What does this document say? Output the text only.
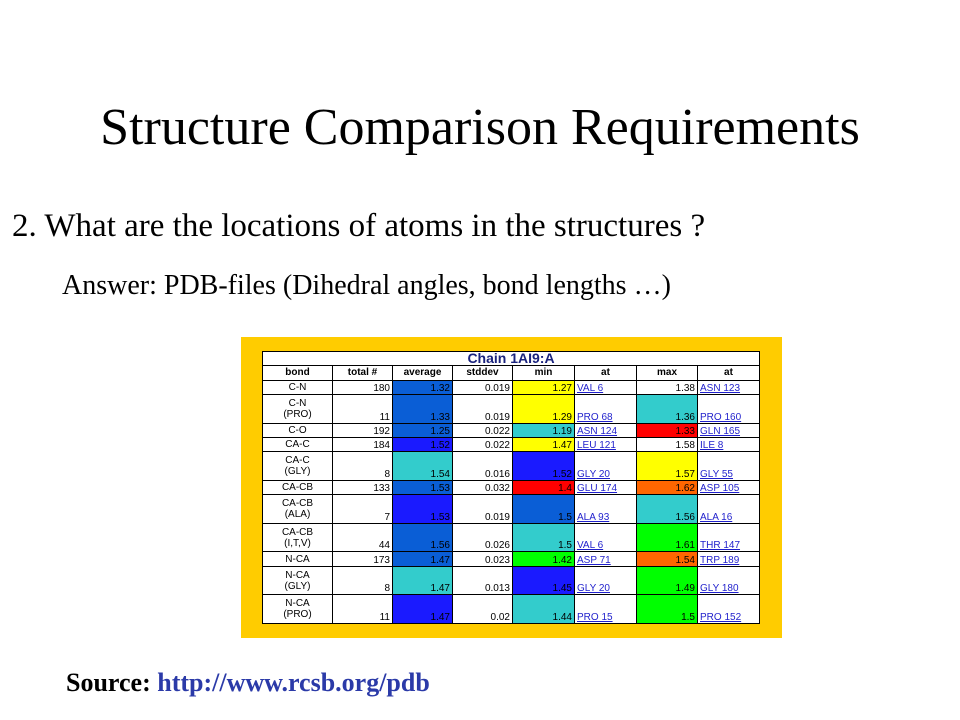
Structure Comparison Requirements
2. What are the locations of atoms in the structures ?
Answer: PDB-files (Dihedral angles, bond lengths …)
Chain 1AI9:A							
bond	total #	average	stddev	min	at	max	at
C-N	180	1.32	0.019	1.27	VAL 6	1.38	ASN 123
C-N
(PRO)	11	1.33	0.019	1.29	PRO 68	1.36	PRO 160
C-O	192	1.25	0.022	1.19	ASN 124	1.33	GLN 165
CA-C	184	1.52	0.022	1.47	LEU 121	1.58	ILE 8
CA-C
(GLY)	8	1.54	0.016	1.52	GLY 20	1.57	GLY 55
CA-CB	133	1.53	0.032	1.4	GLU 174	1.62	ASP 105
CA-CB
(ALA)	7	1.53	0.019	1.5	ALA 93	1.56	ALA 16
CA-CB
(I,T,V)	44	1.56	0.026	1.5	VAL 6	1.61	THR 147
N-CA	173	1.47	0.023	1.42	ASP 71	1.54	TRP 189
N-CA
(GLY)	8	1.47	0.013	1.45	GLY 20	1.49	GLY 180
N-CA
(PRO)	11	1.47	0.02	1.44	PRO 15	1.5	PRO 152
Source: http://www.rcsb.org/pdb
